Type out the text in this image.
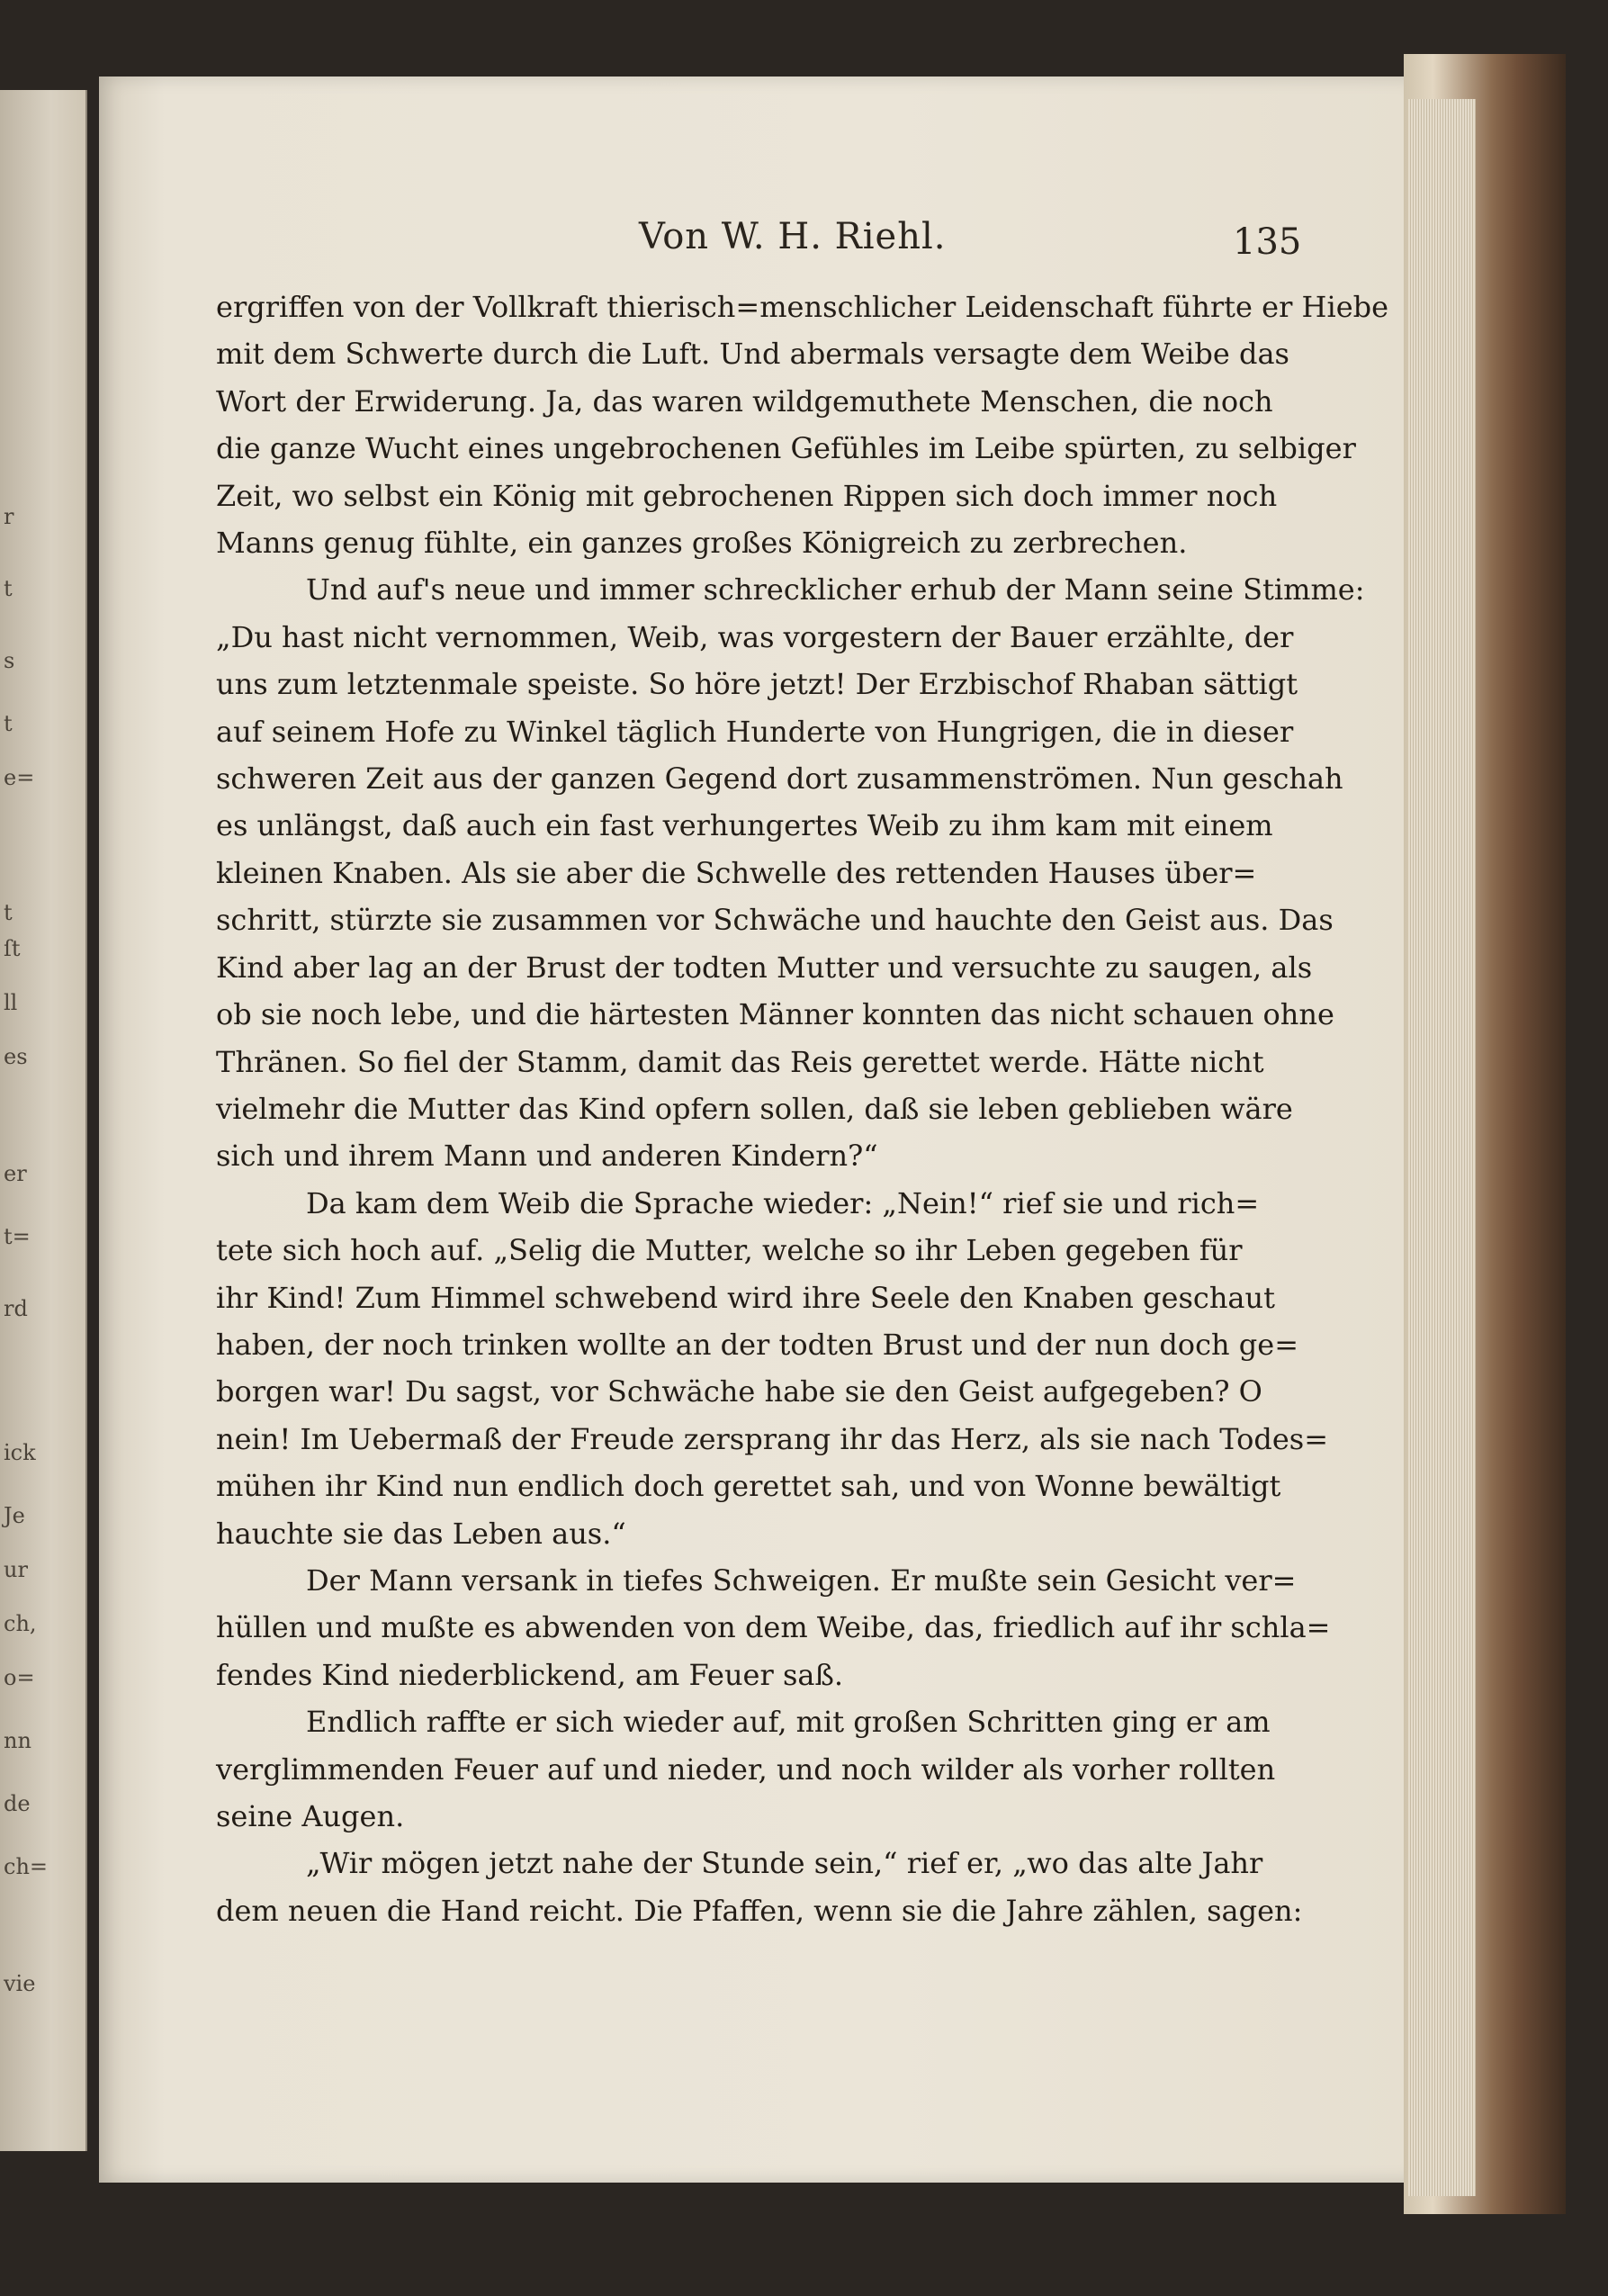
ſt
ll
r
t
s
t
e=
t
es
er
t=
rd
ick
Je
ur
ch,
o=
nn
de
ch=
vie
Von W. H. Riehl.	135
ergriffen von der Vollkraft thierisch=menschlicher Leidenschaft führte er Hiebe
mit dem Schwerte durch die Luft. Und abermals versagte dem Weibe das
Wort der Erwiderung. Ja, das waren wildgemuthete Menschen, die noch
die ganze Wucht eines ungebrochenen Gefühles im Leibe spürten, zu selbiger
Zeit, wo selbst ein König mit gebrochenen Rippen sich doch immer noch
Manns genug fühlte, ein ganzes großes Königreich zu zerbrechen.
Und auf's neue und immer schrecklicher erhub der Mann seine Stimme:
„Du hast nicht vernommen, Weib, was vorgestern der Bauer erzählte, der
uns zum letztenmale speiste. So höre jetzt! Der Erzbischof Rhaban sättigt
auf seinem Hofe zu Winkel täglich Hunderte von Hungrigen, die in dieser
schweren Zeit aus der ganzen Gegend dort zusammenströmen. Nun geschah
es unlängst, daß auch ein fast verhungertes Weib zu ihm kam mit einem
kleinen Knaben. Als sie aber die Schwelle des rettenden Hauses über=
schritt, stürzte sie zusammen vor Schwäche und hauchte den Geist aus. Das
Kind aber lag an der Brust der todten Mutter und versuchte zu saugen, als
ob sie noch lebe, und die härtesten Männer konnten das nicht schauen ohne
Thränen. So fiel der Stamm, damit das Reis gerettet werde. Hätte nicht
vielmehr die Mutter das Kind opfern sollen, daß sie leben geblieben wäre
sich und ihrem Mann und anderen Kindern?“
Da kam dem Weib die Sprache wieder: „Nein!“ rief sie und rich=
tete sich hoch auf. „Selig die Mutter, welche so ihr Leben gegeben für
ihr Kind! Zum Himmel schwebend wird ihre Seele den Knaben geschaut
haben, der noch trinken wollte an der todten Brust und der nun doch ge=
borgen war! Du sagst, vor Schwäche habe sie den Geist aufgegeben? O
nein! Im Uebermaß der Freude zersprang ihr das Herz, als sie nach Todes=
mühen ihr Kind nun endlich doch gerettet sah, und von Wonne bewältigt
hauchte sie das Leben aus.“
Der Mann versank in tiefes Schweigen. Er mußte sein Gesicht ver=
hüllen und mußte es abwenden von dem Weibe, das, friedlich auf ihr schla=
fendes Kind niederblickend, am Feuer saß.
Endlich raffte er sich wieder auf, mit großen Schritten ging er am
verglimmenden Feuer auf und nieder, und noch wilder als vorher rollten
seine Augen.
„Wir mögen jetzt nahe der Stunde sein,“ rief er, „wo das alte Jahr
dem neuen die Hand reicht. Die Pfaffen, wenn sie die Jahre zählen, sagen:
